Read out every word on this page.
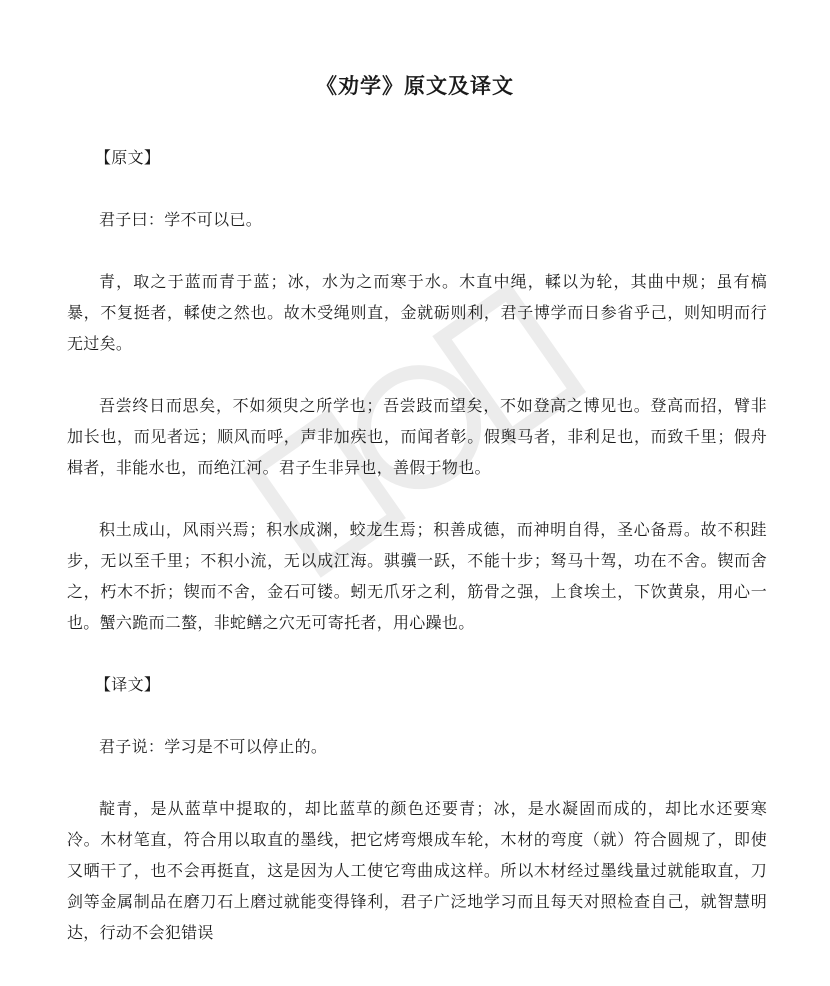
《劝学》原文及译文
【原文】

君子曰：学不可以已。

青，取之于蓝而青于蓝；冰，水为之而寒于水。木直中绳，輮以为轮，其曲中规；虽有槁暴，不复挺者，輮使之然也。故木受绳则直，金就砺则利，君子博学而日参省乎己，则知明而行无过矣。

吾尝终日而思矣，不如须臾之所学也；吾尝跂而望矣，不如登高之博见也。登高而招，臂非加长也，而见者远；顺风而呼，声非加疾也，而闻者彰。假舆马者，非利足也，而致千里；假舟楫者，非能水也，而绝江河。君子生非异也，善假于物也。

积土成山，风雨兴焉；积水成渊，蛟龙生焉；积善成德，而神明自得，圣心备焉。故不积跬步，无以至千里；不积小流，无以成江海。骐骥一跃，不能十步；驽马十驾，功在不舍。锲而舍之，朽木不折；锲而不舍，金石可镂。蚓无爪牙之利，筋骨之强，上食埃土，下饮黄泉，用心一也。蟹六跪而二螯，非蛇鳝之穴无可寄托者，用心躁也。

【译文】

君子说：学习是不可以停止的。

靛青，是从蓝草中提取的，却比蓝草的颜色还要青；冰，是水凝固而成的，却比水还要寒冷。木材笔直，符合用以取直的墨线，把它烤弯煨成车轮，木材的弯度（就）符合圆规了，即使又晒干了，也不会再挺直，这是因为人工使它弯曲成这样。所以木材经过墨线量过就能取直，刀剑等金属制品在磨刀石上磨过就能变得锋利，君子广泛地学习而且每天对照检查自己，就智慧明达，行动不会犯错误
